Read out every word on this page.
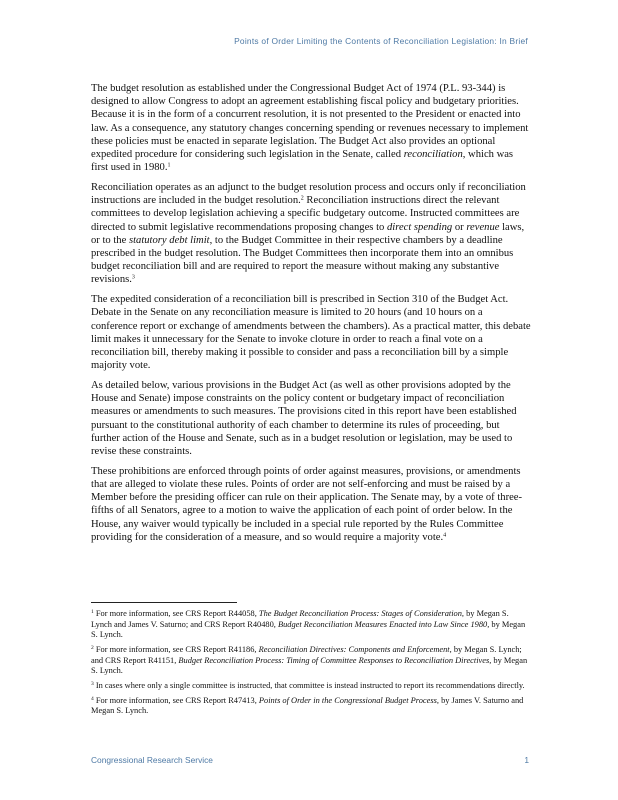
Points of Order Limiting the Contents of Reconciliation Legislation: In Brief

The budget resolution as established under the Congressional Budget Act of 1974 (P.L. 93-344) is designed to allow Congress to adopt an agreement establishing fiscal policy and budgetary priorities. Because it is in the form of a concurrent resolution, it is not presented to the President or enacted into law. As a consequence, any statutory changes concerning spending or revenues necessary to implement these policies must be enacted in separate legislation. The Budget Act also provides an optional expedited procedure for considering such legislation in the Senate, called reconciliation, which was first used in 1980.$^1$

Reconciliation operates as an adjunct to the budget resolution process and occurs only if reconciliation instructions are included in the budget resolution.$^2$ Reconciliation instructions direct the relevant committees to develop legislation achieving a specific budgetary outcome. Instructed committees are directed to submit legislative recommendations proposing changes to direct spending or revenue laws, or to the statutory debt limit, to the Budget Committee in their respective chambers by a deadline prescribed in the budget resolution. The Budget Committees then incorporate them into an omnibus budget reconciliation bill and are required to report the measure without making any substantive revisions.$^3$

The expedited consideration of a reconciliation bill is prescribed in Section 310 of the Budget Act. Debate in the Senate on any reconciliation measure is limited to 20 hours (and 10 hours on a conference report or exchange of amendments between the chambers). As a practical matter, this debate limit makes it unnecessary for the Senate to invoke cloture in order to reach a final vote on a reconciliation bill, thereby making it possible to consider and pass a reconciliation bill by a simple majority vote.

As detailed below, various provisions in the Budget Act (as well as other provisions adopted by the House and Senate) impose constraints on the policy content or budgetary impact of reconciliation measures or amendments to such measures. The provisions cited in this report have been established pursuant to the constitutional authority of each chamber to determine its rules of proceeding, but further action of the House and Senate, such as in a budget resolution or legislation, may be used to revise these constraints.

These prohibitions are enforced through points of order against measures, provisions, or amendments that are alleged to violate these rules. Points of order are not self-enforcing and must be raised by a Member before the presiding officer can rule on their application. The Senate may, by a vote of three-fifths of all Senators, agree to a motion to waive the application of each point of order below. In the House, any waiver would typically be included in a special rule reported by the Rules Committee providing for the consideration of a measure, and so would require a majority vote.$^4$

$^1$ For more information, see CRS Report R44058, The Budget Reconciliation Process: Stages of Consideration, by Megan S. Lynch and James V. Saturno; and CRS Report R40480, Budget Reconciliation Measures Enacted into Law Since 1980, by Megan S. Lynch.

$^2$ For more information, see CRS Report R41186, Reconciliation Directives: Components and Enforcement, by Megan S. Lynch; and CRS Report R41151, Budget Reconciliation Process: Timing of Committee Responses to Reconciliation Directives, by Megan S. Lynch.

$^3$ In cases where only a single committee is instructed, that committee is instead instructed to report its recommendations directly.

$^4$ For more information, see CRS Report R47413, Points of Order in the Congressional Budget Process, by James V. Saturno and Megan S. Lynch.

Congressional Research Service	1
